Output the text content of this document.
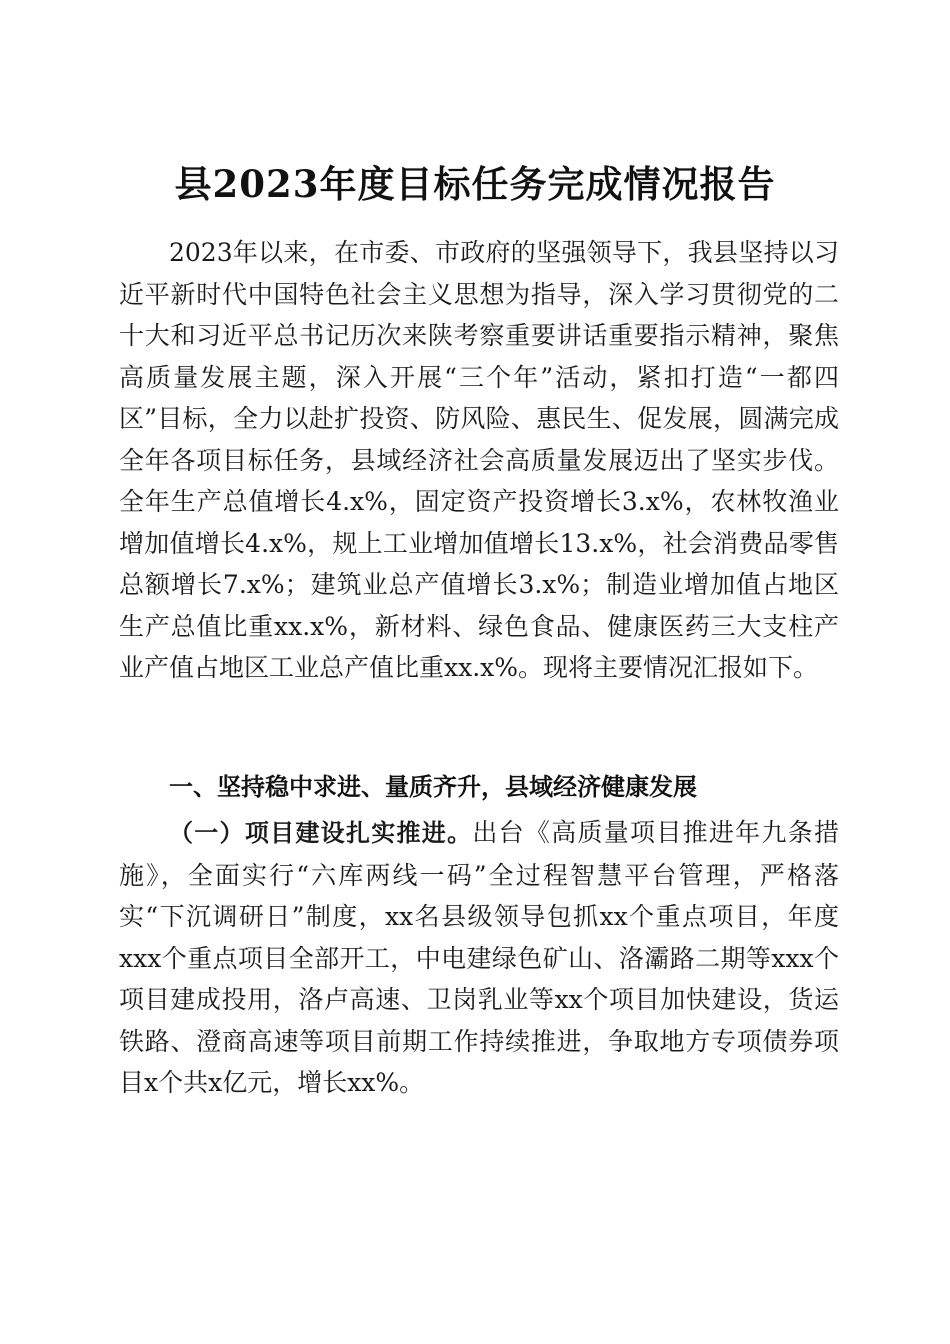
县2023年度目标任务完成情况报告

2023年以来，在市委、市政府的坚强领导下，我县坚持以习近平新时代中国特色社会主义思想为指导，深入学习贯彻党的二十大和习近平总书记历次来陕考察重要讲话重要指示精神，聚焦高质量发展主题，深入开展“三个年”活动，紧扣打造“一都四区”目标，全力以赴扩投资、防风险、惠民生、促发展，圆满完成全年各项目标任务，县域经济社会高质量发展迈出了坚实步伐。全年生产总值增长4.x%，固定资产投资增长3.x%，农林牧渔业增加值增长4.x%，规上工业增加值增长13.x%，社会消费品零售总额增长7.x%；建筑业总产值增长3.x%；制造业增加值占地区生产总值比重xx.x%，新材料、绿色食品、健康医药三大支柱产业产值占地区工业总产值比重xx.x%。现将主要情况汇报如下。

一、坚持稳中求进、量质齐升，县域经济健康发展

（一）项目建设扎实推进。出台《高质量项目推进年九条措施》，全面实行“六库两线一码”全过程智慧平台管理，严格落实“下沉调研日”制度，xx名县级领导包抓xx个重点项目，年度xxx个重点项目全部开工，中电建绿色矿山、洛灞路二期等xxx个项目建成投用，洛卢高速、卫岗乳业等xx个项目加快建设，货运铁路、澄商高速等项目前期工作持续推进，争取地方专项债券项目x个共x亿元，增长xx%。
